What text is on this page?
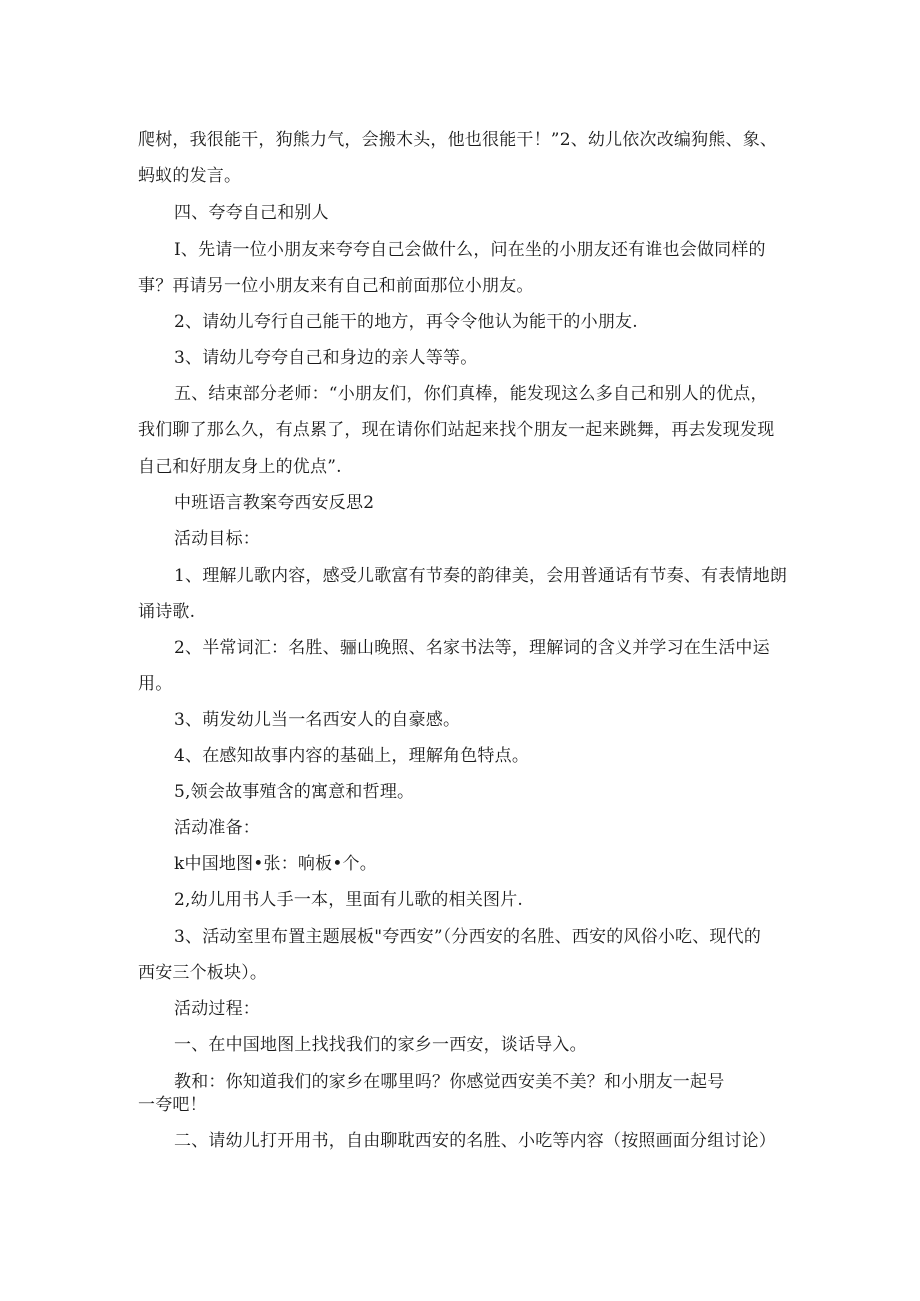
爬树，我很能干，狗熊力气，会搬木头，他也很能干！”2、幼儿依次改编狗熊、象、
蚂蚁的发言。
四、夸夸自己和别人
I、先请一位小朋友来夸夸自己会做什么，问在坐的小朋友还有谁也会做同样的
事？再请另一位小朋友来有自己和前面那位小朋友。
2、请幼儿夸行自己能干的地方，再令令他认为能干的小朋友.
3、请幼儿夸夸自己和身边的亲人等等。
五、结束部分老师：“小朋友们，你们真棒，能发现这么多自己和别人的优点，
我们聊了那么久，有点累了，现在请你们站起来找个朋友一起来跳舞，再去发现发现
自己和好朋友身上的优点”.
中班语言教案夸西安反思2
活动目标：
1、理解儿歌内容，感受儿歌富有节奏的韵律美，会用普通话有节奏、有表情地朗
诵诗歌.
2、半常词汇：名胜、骊山晚照、名家书法等，理解词的含义并学习在生活中运
用。
3、萌发幼儿当一名西安人的自豪感。
4、在感知故事内容的基础上，理解角色特点。
5,领会故事殖含的寓意和哲理。
活动准备：
k中国地图•张：响板•个。
2,幼儿用书人手一本，里面有儿歌的相关图片.
3、活动室里布置主题展板"夸西安”（分西安的名胜、西安的风俗小吃、现代的
西安三个板块）。
活动过程：
一、在中国地图上找找我们的家乡一西安，谈话导入。
教和：你知道我们的家乡在哪里吗？你感觉西安美不美？和小朋友一起号
一夸吧！
二、请幼儿打开用书，自由聊耽西安的名胜、小吃等内容（按照画面分组讨论）
